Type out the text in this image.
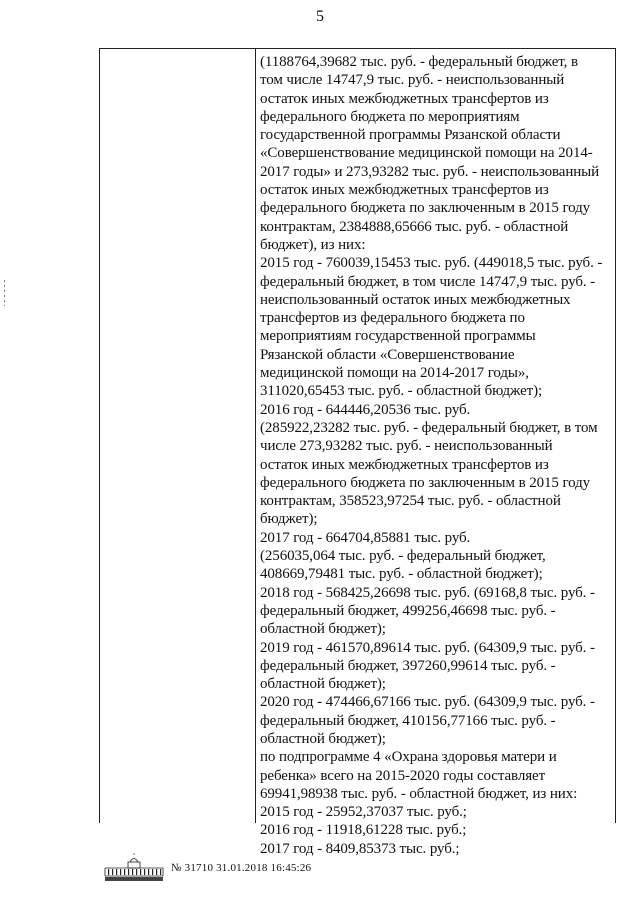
5
(1188764,39682 тыс. руб. - федеральный бюджет, в
том числе 14747,9 тыс. руб. - неиспользованный
остаток иных межбюджетных трансфертов из
федерального бюджета по мероприятиям
государственной программы Рязанской области
«Совершенствование медицинской помощи на 2014-
2017 годы» и 273,93282 тыс. руб. - неиспользованный
остаток иных межбюджетных трансфертов из
федерального бюджета по заключенным в 2015 году
контрактам, 2384888,65666 тыс. руб. - областной
бюджет), из них:
2015 год - 760039,15453 тыс. руб. (449018,5 тыс. руб. -
федеральный бюджет, в том числе 14747,9 тыс. руб. -
неиспользованный остаток иных межбюджетных
трансфертов из федерального бюджета по
мероприятиям государственной программы
Рязанской области «Совершенствование
медицинской помощи на 2014-2017 годы»,
311020,65453 тыс. руб. - областной бюджет);
2016 год - 644446,20536 тыс. руб.
(285922,23282 тыс. руб. - федеральный бюджет, в том
числе 273,93282 тыс. руб. - неиспользованный
остаток иных межбюджетных трансфертов из
федерального бюджета по заключенным в 2015 году
контрактам, 358523,97254 тыс. руб. - областной
бюджет);
2017 год - 664704,85881 тыс. руб.
(256035,064 тыс. руб. - федеральный бюджет,
408669,79481 тыс. руб. - областной бюджет);
2018 год - 568425,26698 тыс. руб. (69168,8 тыс. руб. -
федеральный бюджет, 499256,46698 тыс. руб. -
областной бюджет);
2019 год - 461570,89614 тыс. руб. (64309,9 тыс. руб. -
федеральный бюджет, 397260,99614 тыс. руб. -
областной бюджет);
2020 год - 474466,67166 тыс. руб. (64309,9 тыс. руб. -
федеральный бюджет, 410156,77166 тыс. руб. -
областной бюджет);
по подпрограмме 4 «Охрана здоровья матери и
ребенка» всего на 2015-2020 годы составляет
69941,98938 тыс. руб. - областной бюджет, из них:
2015 год - 25952,37037 тыс. руб.;
2016 год - 11918,61228 тыс. руб.;
2017 год - 8409,85373 тыс. руб.;
№ 31710 31.01.2018 16:45:26
